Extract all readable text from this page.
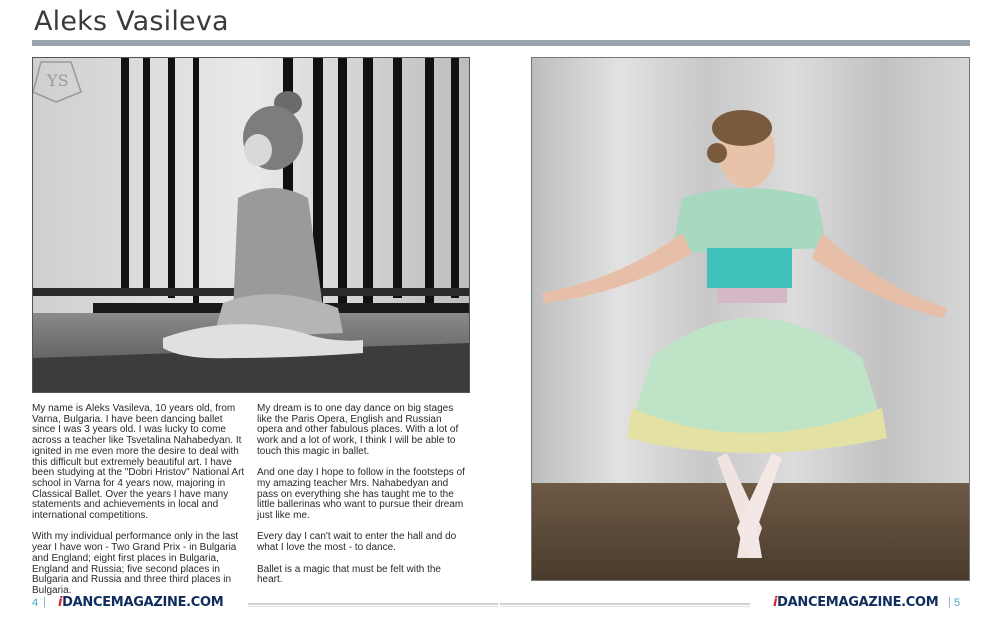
Aleks Vasileva
YS

My name is Aleks Vasileva, 10 years old, from Varna, Bulgaria. I have been dancing ballet since I was 3 years old. I was lucky to come across a teacher like Tsvetalina Nahabedyan. It ignited in me even more the desire to deal with this difficult but extremely beautiful art. I have been studying at the "Dobri Hristov" National Art school in Varna for 4 years now, majoring in Classical Ballet. Over the years I have many statements and achievements in local and international competitions.

With my individual performance only in the last year I have won - Two Grand Prix - in Bulgaria and England; eight first places in Bulgaria, England and Russia; five second places in Bulgaria and Russia and three third places in Bulgaria.

My dream is to one day dance on big stages like the Paris Opera, English and Russian opera and other fabulous places. With a lot of work and a lot of work, I think I will be able to touch this magic in ballet.

And one day I hope to follow in the footsteps of my amazing teacher Mrs. Nahabedyan and pass on everything she has taught me to the little ballerinas who want to pursue their dream just like me.

Every day I can't wait to enter the hall and do what I love the most - to dance.

Ballet is a magic that must be felt with the heart.

4 | iDANCEMAGAZINE.COM	iDANCEMAGAZINE.COM | 5
